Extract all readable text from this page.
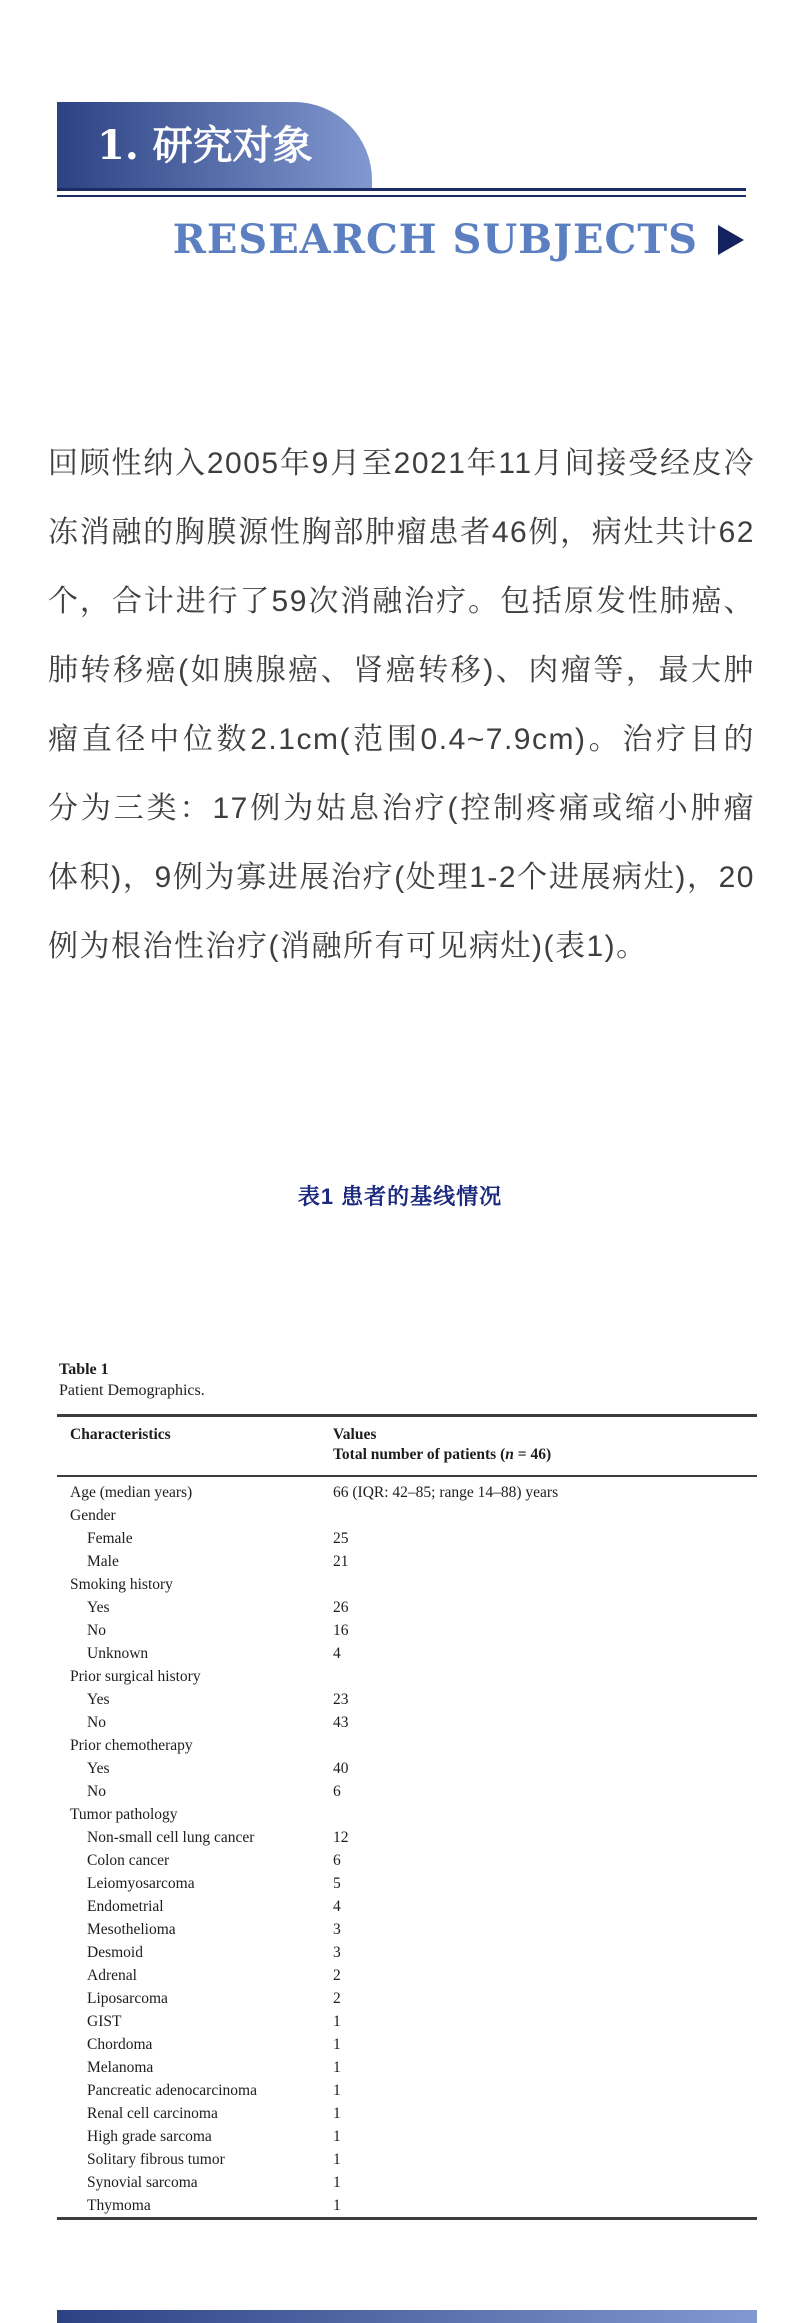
1. 研究对象
RESEARCH SUBJECTS

回顾性纳入2005年9月至2021年11月间接受经皮冷冻消融的胸膜源性胸部肿瘤患者46例，病灶共计62个，合计进行了59次消融治疗。包括原发性肺癌、肺转移癌(如胰腺癌、肾癌转移)、肉瘤等，最大肿瘤直径中位数2.1cm(范围0.4~7.9cm)。治疗目的分为三类：17例为姑息治疗(控制疼痛或缩小肿瘤体积)，9例为寡进展治疗(处理1-2个进展病灶)，20例为根治性治疗(消融所有可见病灶)(表1)。

表1 患者的基线情况
Table 1
Patient Demographics.
Characteristics	Values
Total number of patients (n = 46)
Age (median years)	66 (IQR: 42–85; range 14–88) years
Gender
Female	25
Male	21
Smoking history
Yes	26
No	16
Unknown	4
Prior surgical history
Yes	23
No	43
Prior chemotherapy
Yes	40
No	6
Tumor pathology
Non-small cell lung cancer	12
Colon cancer	6
Leiomyosarcoma	5
Endometrial	4
Mesothelioma	3
Desmoid	3
Adrenal	2
Liposarcoma	2
GIST	1
Chordoma	1
Melanoma	1
Pancreatic adenocarcinoma	1
Renal cell carcinoma	1
High grade sarcoma	1
Solitary fibrous tumor	1
Synovial sarcoma	1
Thymoma	1
